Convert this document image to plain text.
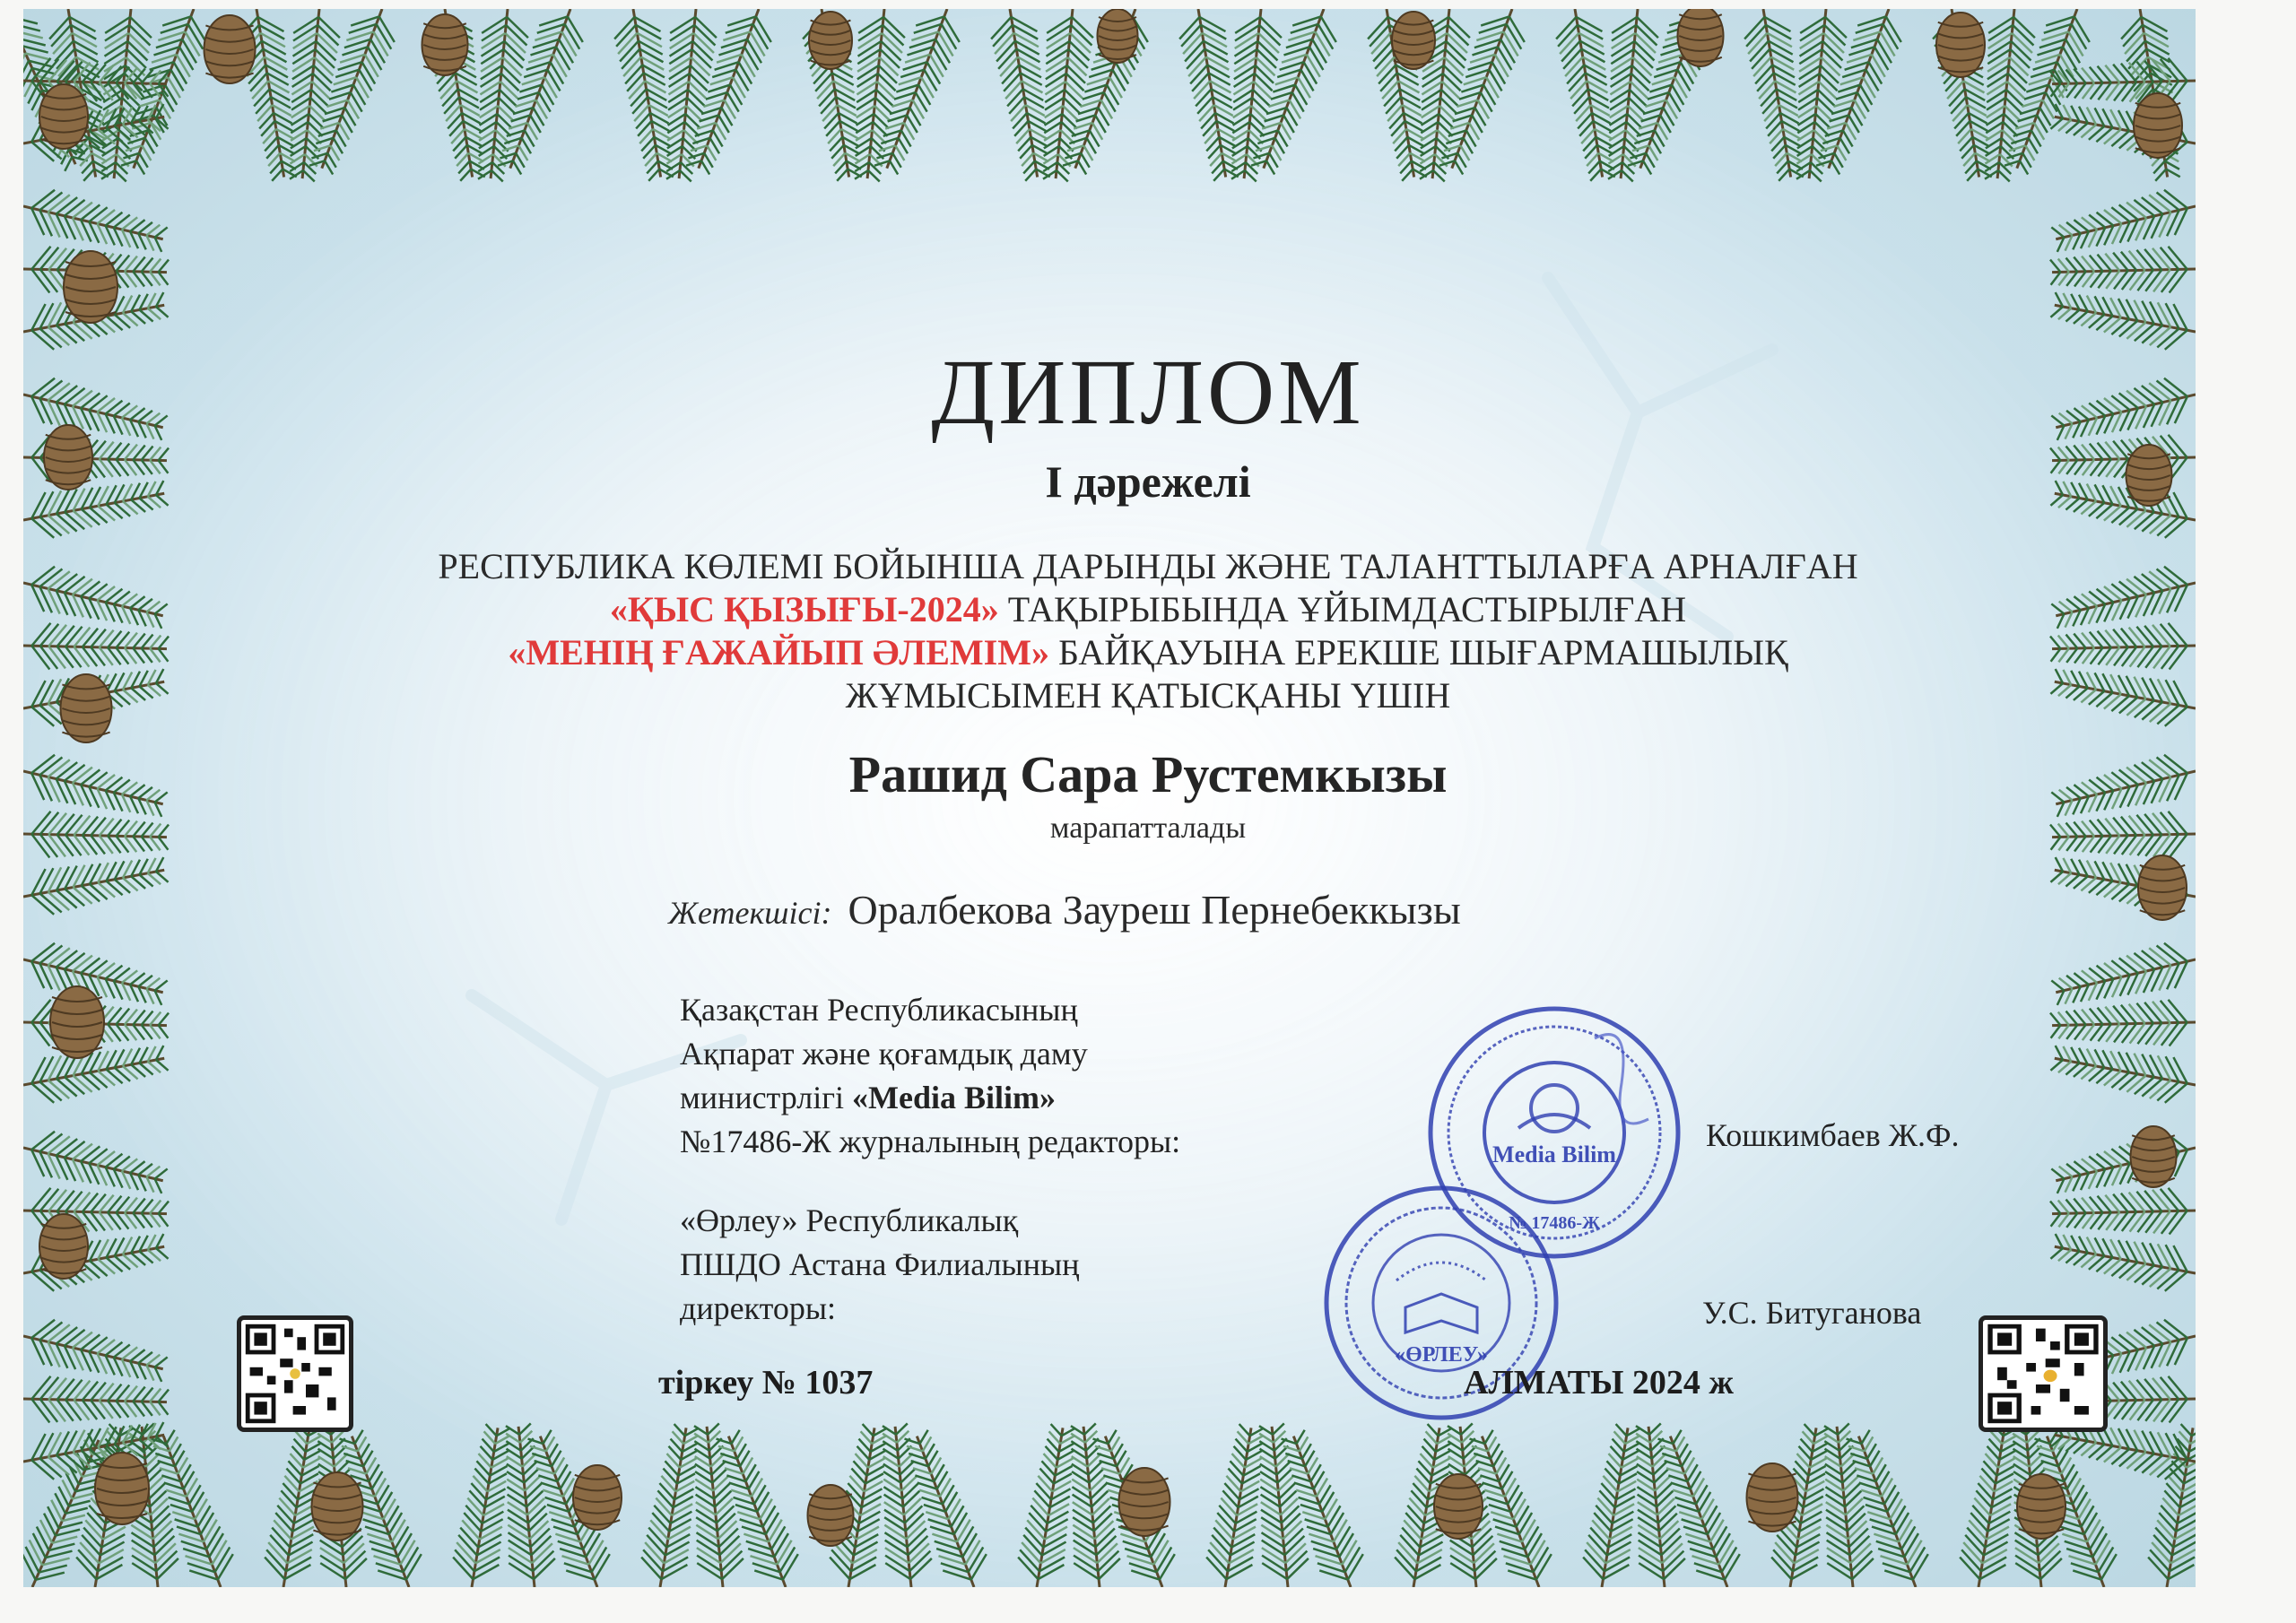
ДИПЛОМ
I дәрежелі
РЕСПУБЛИКА КӨЛЕМІ БОЙЫНША ДАРЫНДЫ ЖӘНЕ ТАЛАНТТЫЛАРҒА АРНАЛҒАН
«ҚЫС ҚЫЗЫҒЫ-2024» ТАҚЫРЫБЫНДА ҰЙЫМДАСТЫРЫЛҒАН
«МЕНІҢ ҒАЖАЙЫП ӘЛЕМІМ» БАЙҚАУЫНА ЕРЕКШЕ ШЫҒАРМАШЫЛЫҚ
ЖҰМЫСЫМЕН ҚАТЫСҚАНЫ ҮШІН
Рашид Сара Рустемкызы
марапатталады
Жетекшісі: Оралбекова Зауреш Пернебеккызы
Қазақстан Республикасының
Ақпарат және қоғамдық даму
министрлігі «Media Bilim»
№17486-Ж журналының редакторы:	Кошкимбаев Ж.Ф.
«Өрлеу» Республикалық
ПШДО Астана Филиалының
директоры:	У.С. Битуганова
Media Bilim
№ 17486-Ж
«ӨРЛЕУ»
тіркеу № 1037	АЛМАТЫ 2024 ж
